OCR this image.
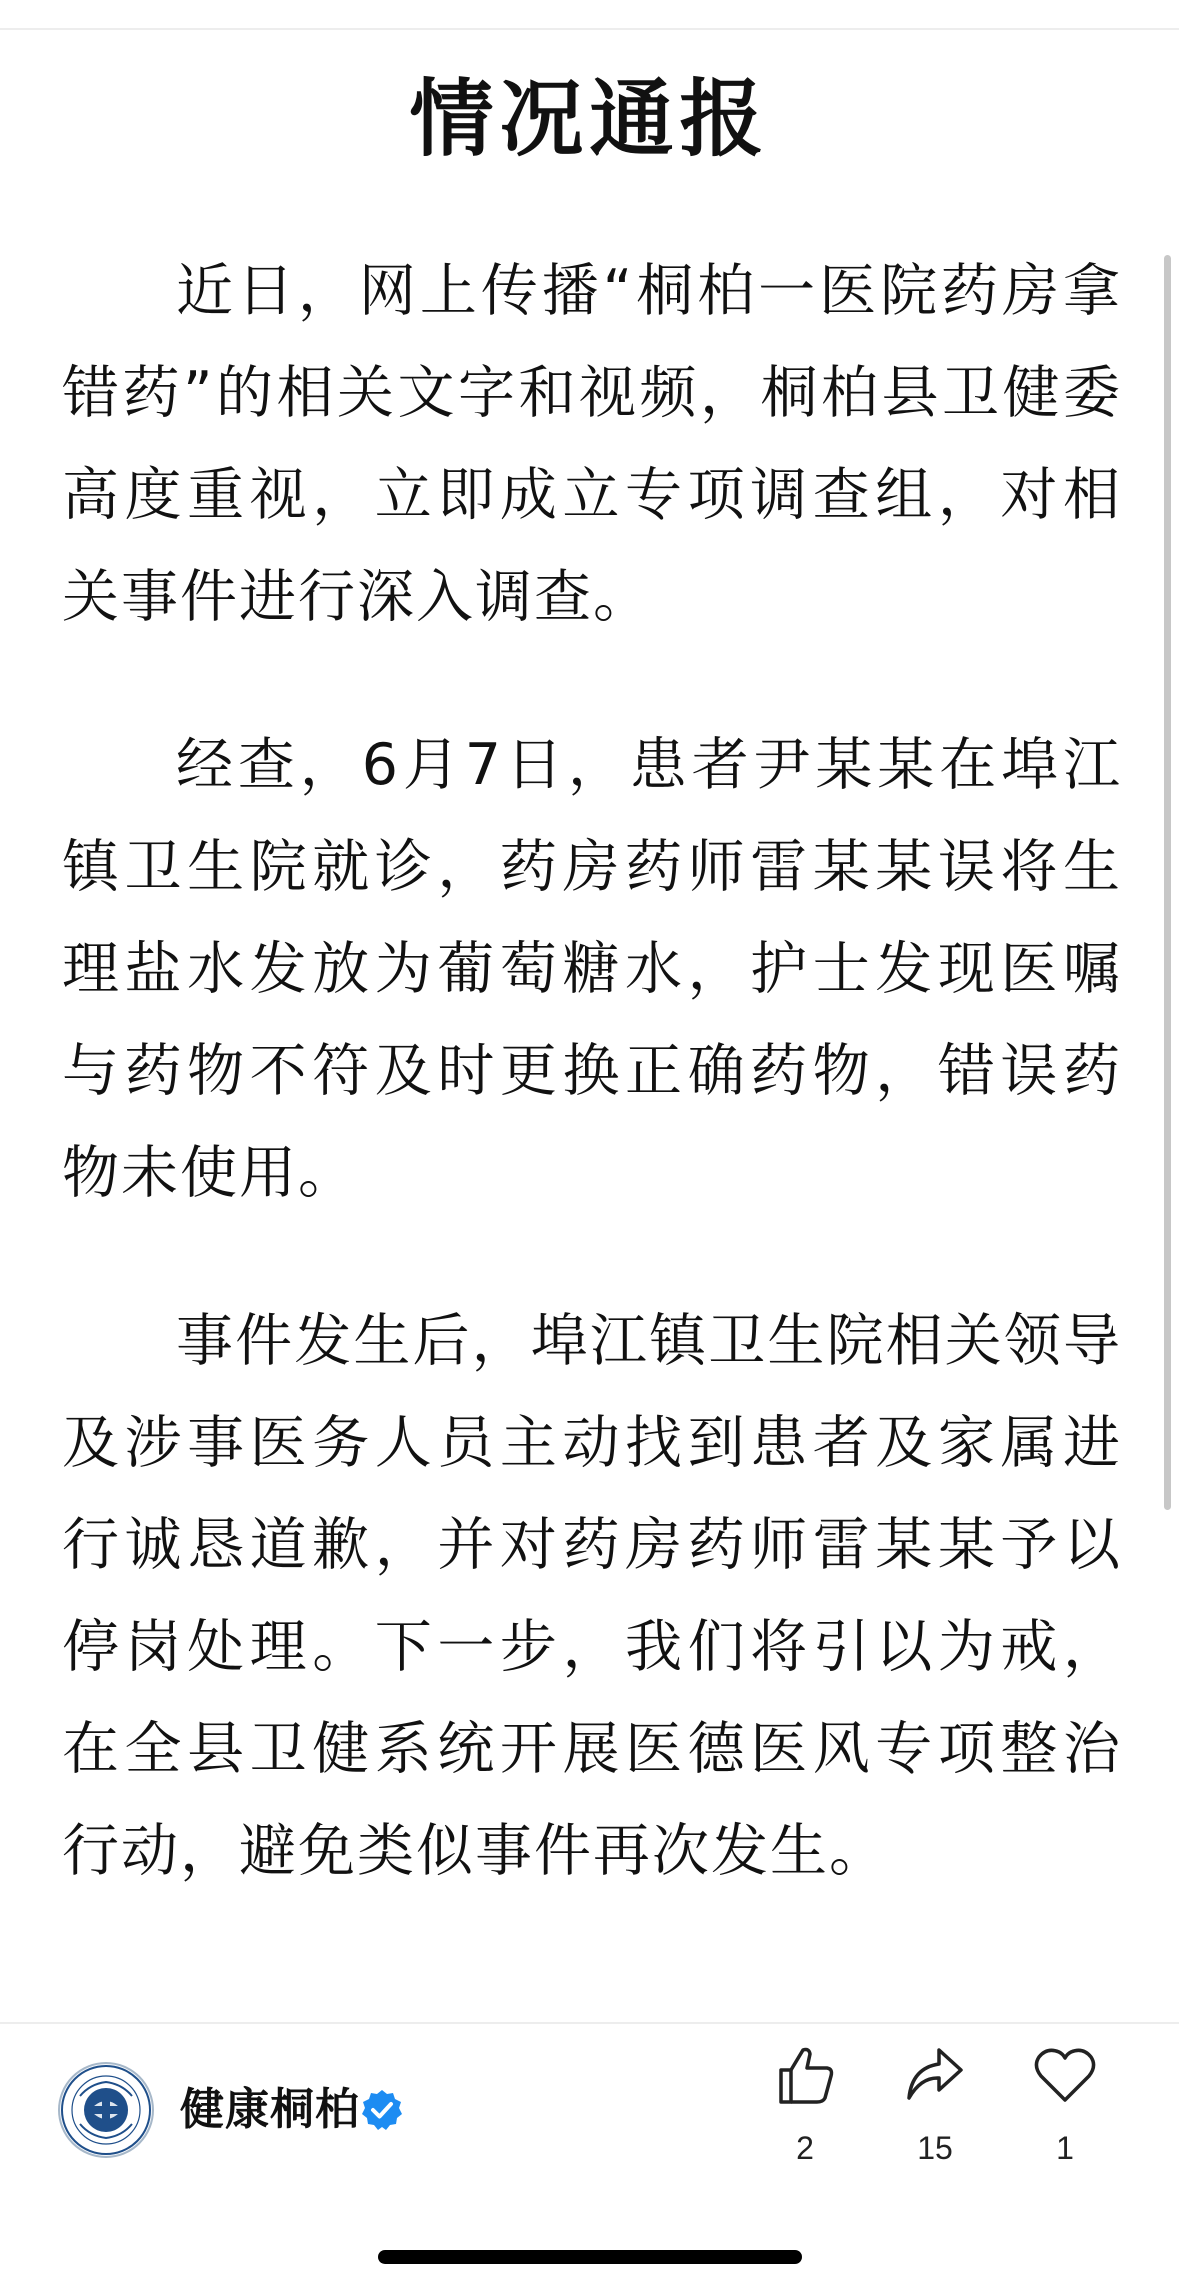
情况通报

近日，网上传播“桐柏一医院药房拿错药”的相关文字和视频，桐柏县卫健委高度重视，立即成立专项调查组，对相关事件进行深入调查。

经查，6月7日，患者尹某某在埠江镇卫生院就诊，药房药师雷某某误将生理盐水发放为葡萄糖水，护士发现医嘱与药物不符及时更换正确药物，错误药物未使用。

事件发生后，埠江镇卫生院相关领导及涉事医务人员主动找到患者及家属进行诚恳道歉，并对药房药师雷某某予以停岗处理。下一步，我们将引以为戒，在全县卫健系统开展医德医风专项整治行动，避免类似事件再次发生。

健康桐柏
2	15	1
